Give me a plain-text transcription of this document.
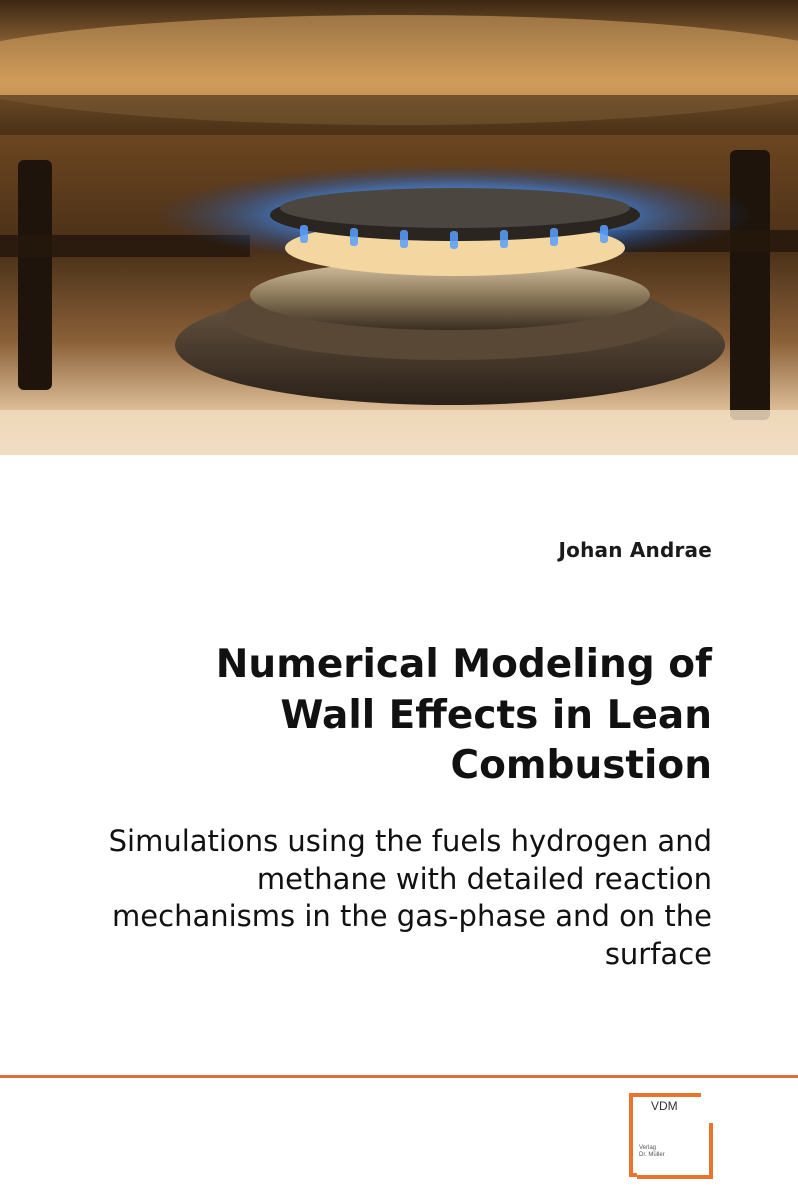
Johan Andrae
Numerical Modeling of
Wall Effects in Lean
Combustion
Simulations using the fuels hydrogen and
methane with detailed reaction
mechanisms in the gas-phase and on the
surface
VDM
Verlag
Dr. Müller
